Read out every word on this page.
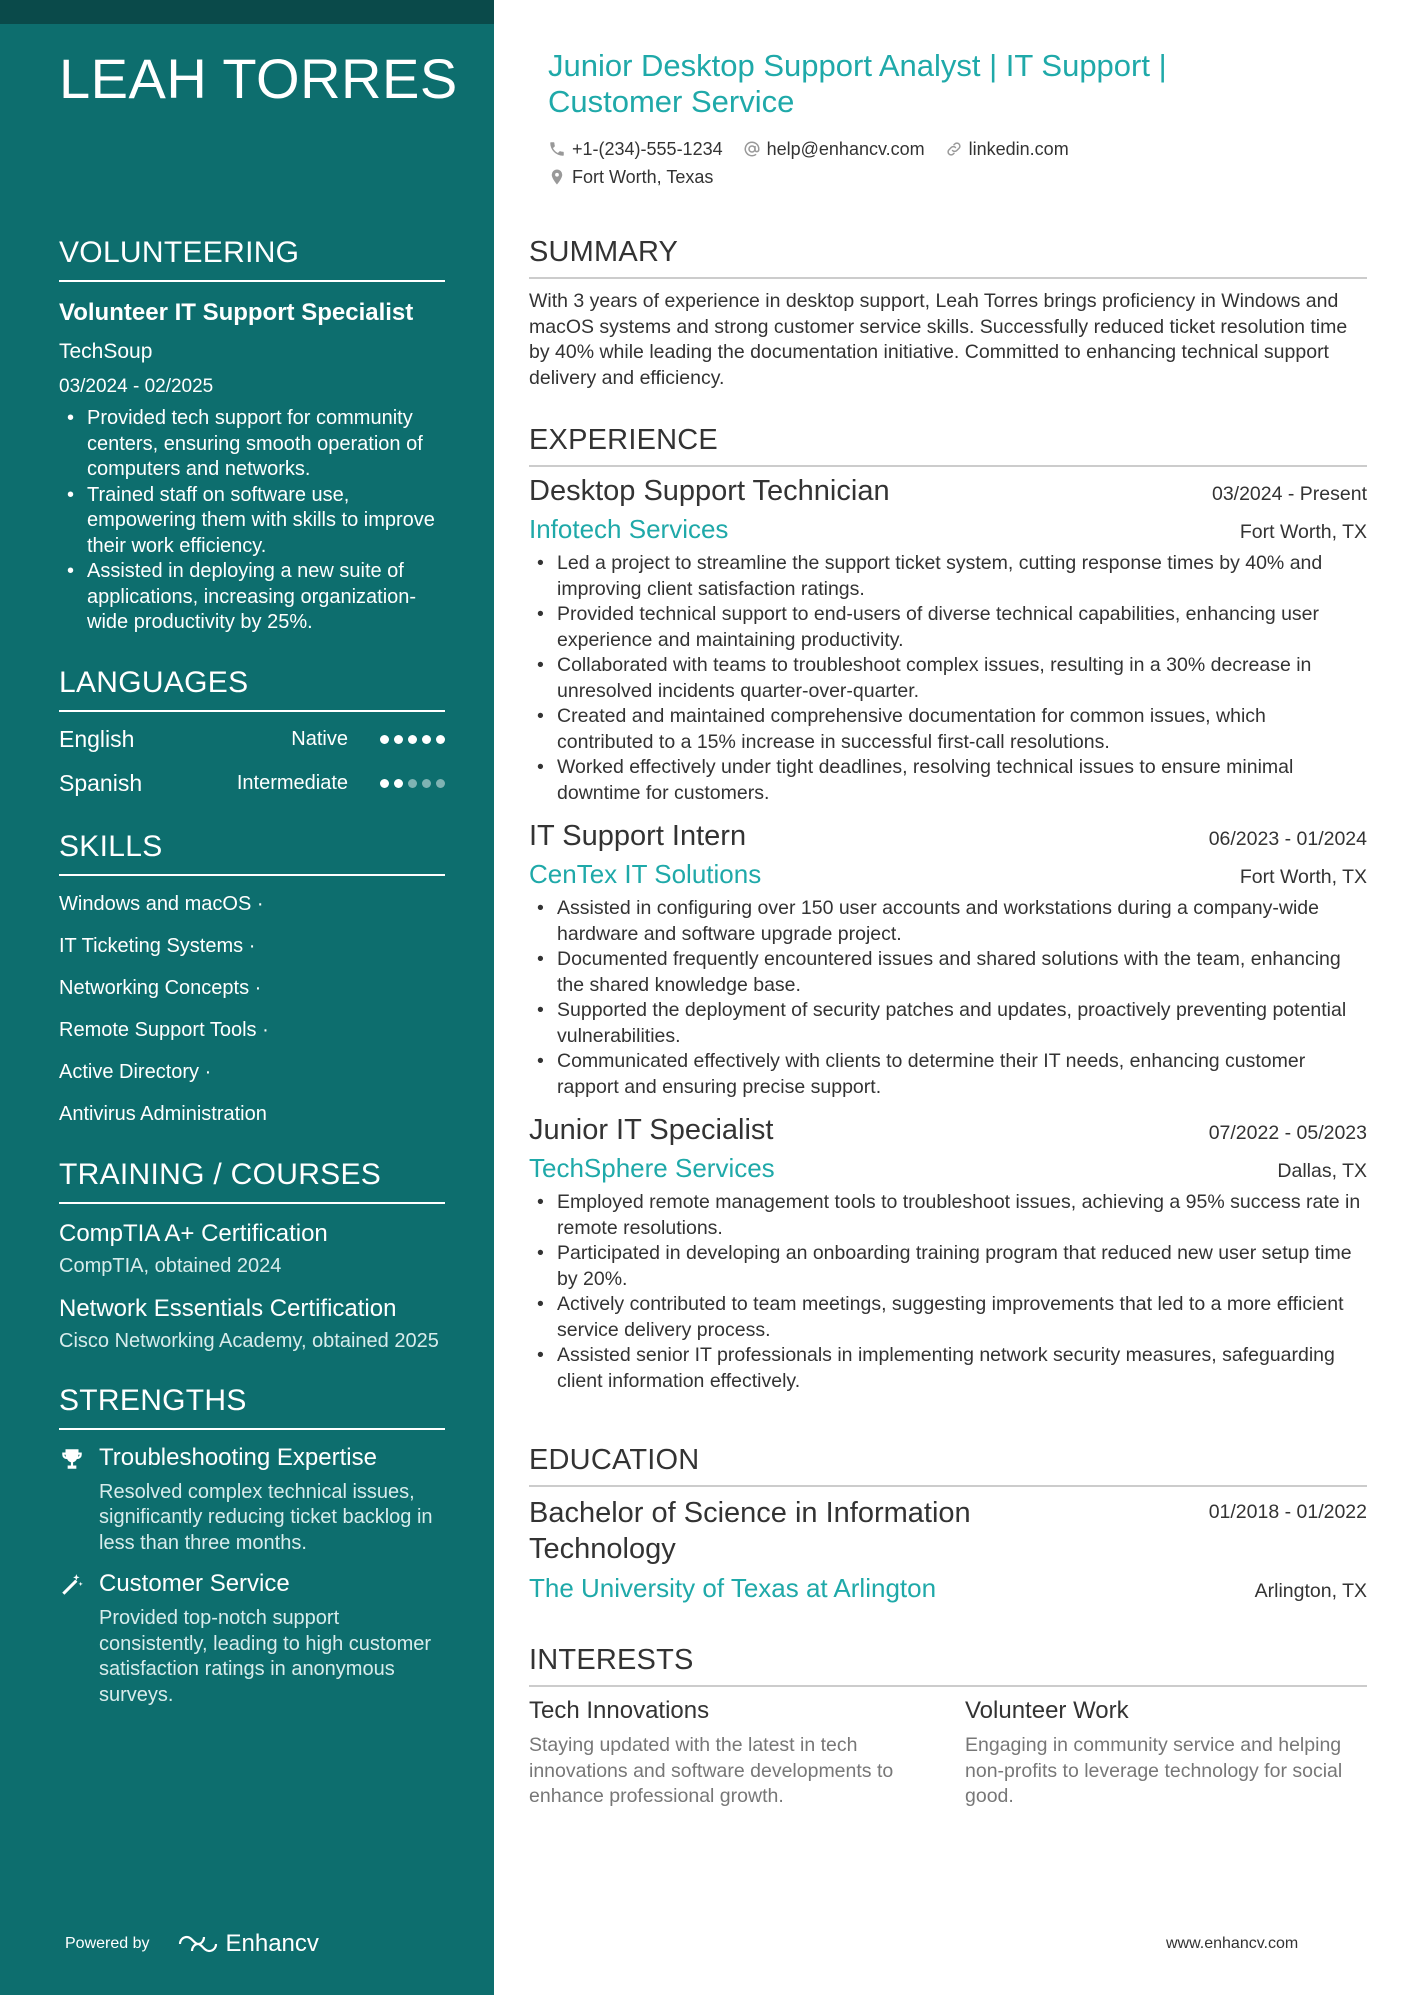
LEAH TORRES
VOLUNTEERING
Volunteer IT Support Specialist
TechSoup
03/2024 - 02/2025
• Provided tech support for community centers, ensuring smooth operation of computers and networks.
• Trained staff on software use, empowering them with skills to improve their work efficiency.
• Assisted in deploying a new suite of applications, increasing organization-wide productivity by 25%.
LANGUAGES
English	Native
Spanish	Intermediate
SKILLS
Windows and macOS ·
IT Ticketing Systems ·
Networking Concepts ·
Remote Support Tools ·
Active Directory ·
Antivirus Administration
TRAINING / COURSES
CompTIA A+ Certification
CompTIA, obtained 2024
Network Essentials Certification
Cisco Networking Academy, obtained 2025
STRENGTHS
Troubleshooting Expertise
Resolved complex technical issues, significantly reducing ticket backlog in less than three months.
Customer Service
Provided top-notch support consistently, leading to high customer satisfaction ratings in anonymous surveys.
Powered by	Enhancv
Junior Desktop Support Analyst | IT Support | Customer Service
+1-(234)-555-1234 help@enhancv.com linkedin.com
Fort Worth, Texas
SUMMARY
With 3 years of experience in desktop support, Leah Torres brings proficiency in Windows and macOS systems and strong customer service skills. Successfully reduced ticket resolution time by 40% while leading the documentation initiative. Committed to enhancing technical support delivery and efficiency.
EXPERIENCE
Desktop Support Technician	03/2024 - Present
Infotech Services	Fort Worth, TX
• Led a project to streamline the support ticket system, cutting response times by 40% and improving client satisfaction ratings.
• Provided technical support to end-users of diverse technical capabilities, enhancing user experience and maintaining productivity.
• Collaborated with teams to troubleshoot complex issues, resulting in a 30% decrease in unresolved incidents quarter-over-quarter.
• Created and maintained comprehensive documentation for common issues, which contributed to a 15% increase in successful first-call resolutions.
• Worked effectively under tight deadlines, resolving technical issues to ensure minimal downtime for customers.
IT Support Intern	06/2023 - 01/2024
CenTex IT Solutions	Fort Worth, TX
• Assisted in configuring over 150 user accounts and workstations during a company-wide hardware and software upgrade project.
• Documented frequently encountered issues and shared solutions with the team, enhancing the shared knowledge base.
• Supported the deployment of security patches and updates, proactively preventing potential vulnerabilities.
• Communicated effectively with clients to determine their IT needs, enhancing customer rapport and ensuring precise support.
Junior IT Specialist	07/2022 - 05/2023
TechSphere Services	Dallas, TX
• Employed remote management tools to troubleshoot issues, achieving a 95% success rate in remote resolutions.
• Participated in developing an onboarding training program that reduced new user setup time by 20%.
• Actively contributed to team meetings, suggesting improvements that led to a more efficient service delivery process.
• Assisted senior IT professionals in implementing network security measures, safeguarding client information effectively.
EDUCATION
Bachelor of Science in Information Technology
01/2018 - 01/2022
The University of Texas at Arlington	Arlington, TX
INTERESTS
Tech Innovations
Staying updated with the latest in tech innovations and software developments to enhance professional growth.
Volunteer Work
Engaging in community service and helping non-profits to leverage technology for social good.
www.enhancv.com
